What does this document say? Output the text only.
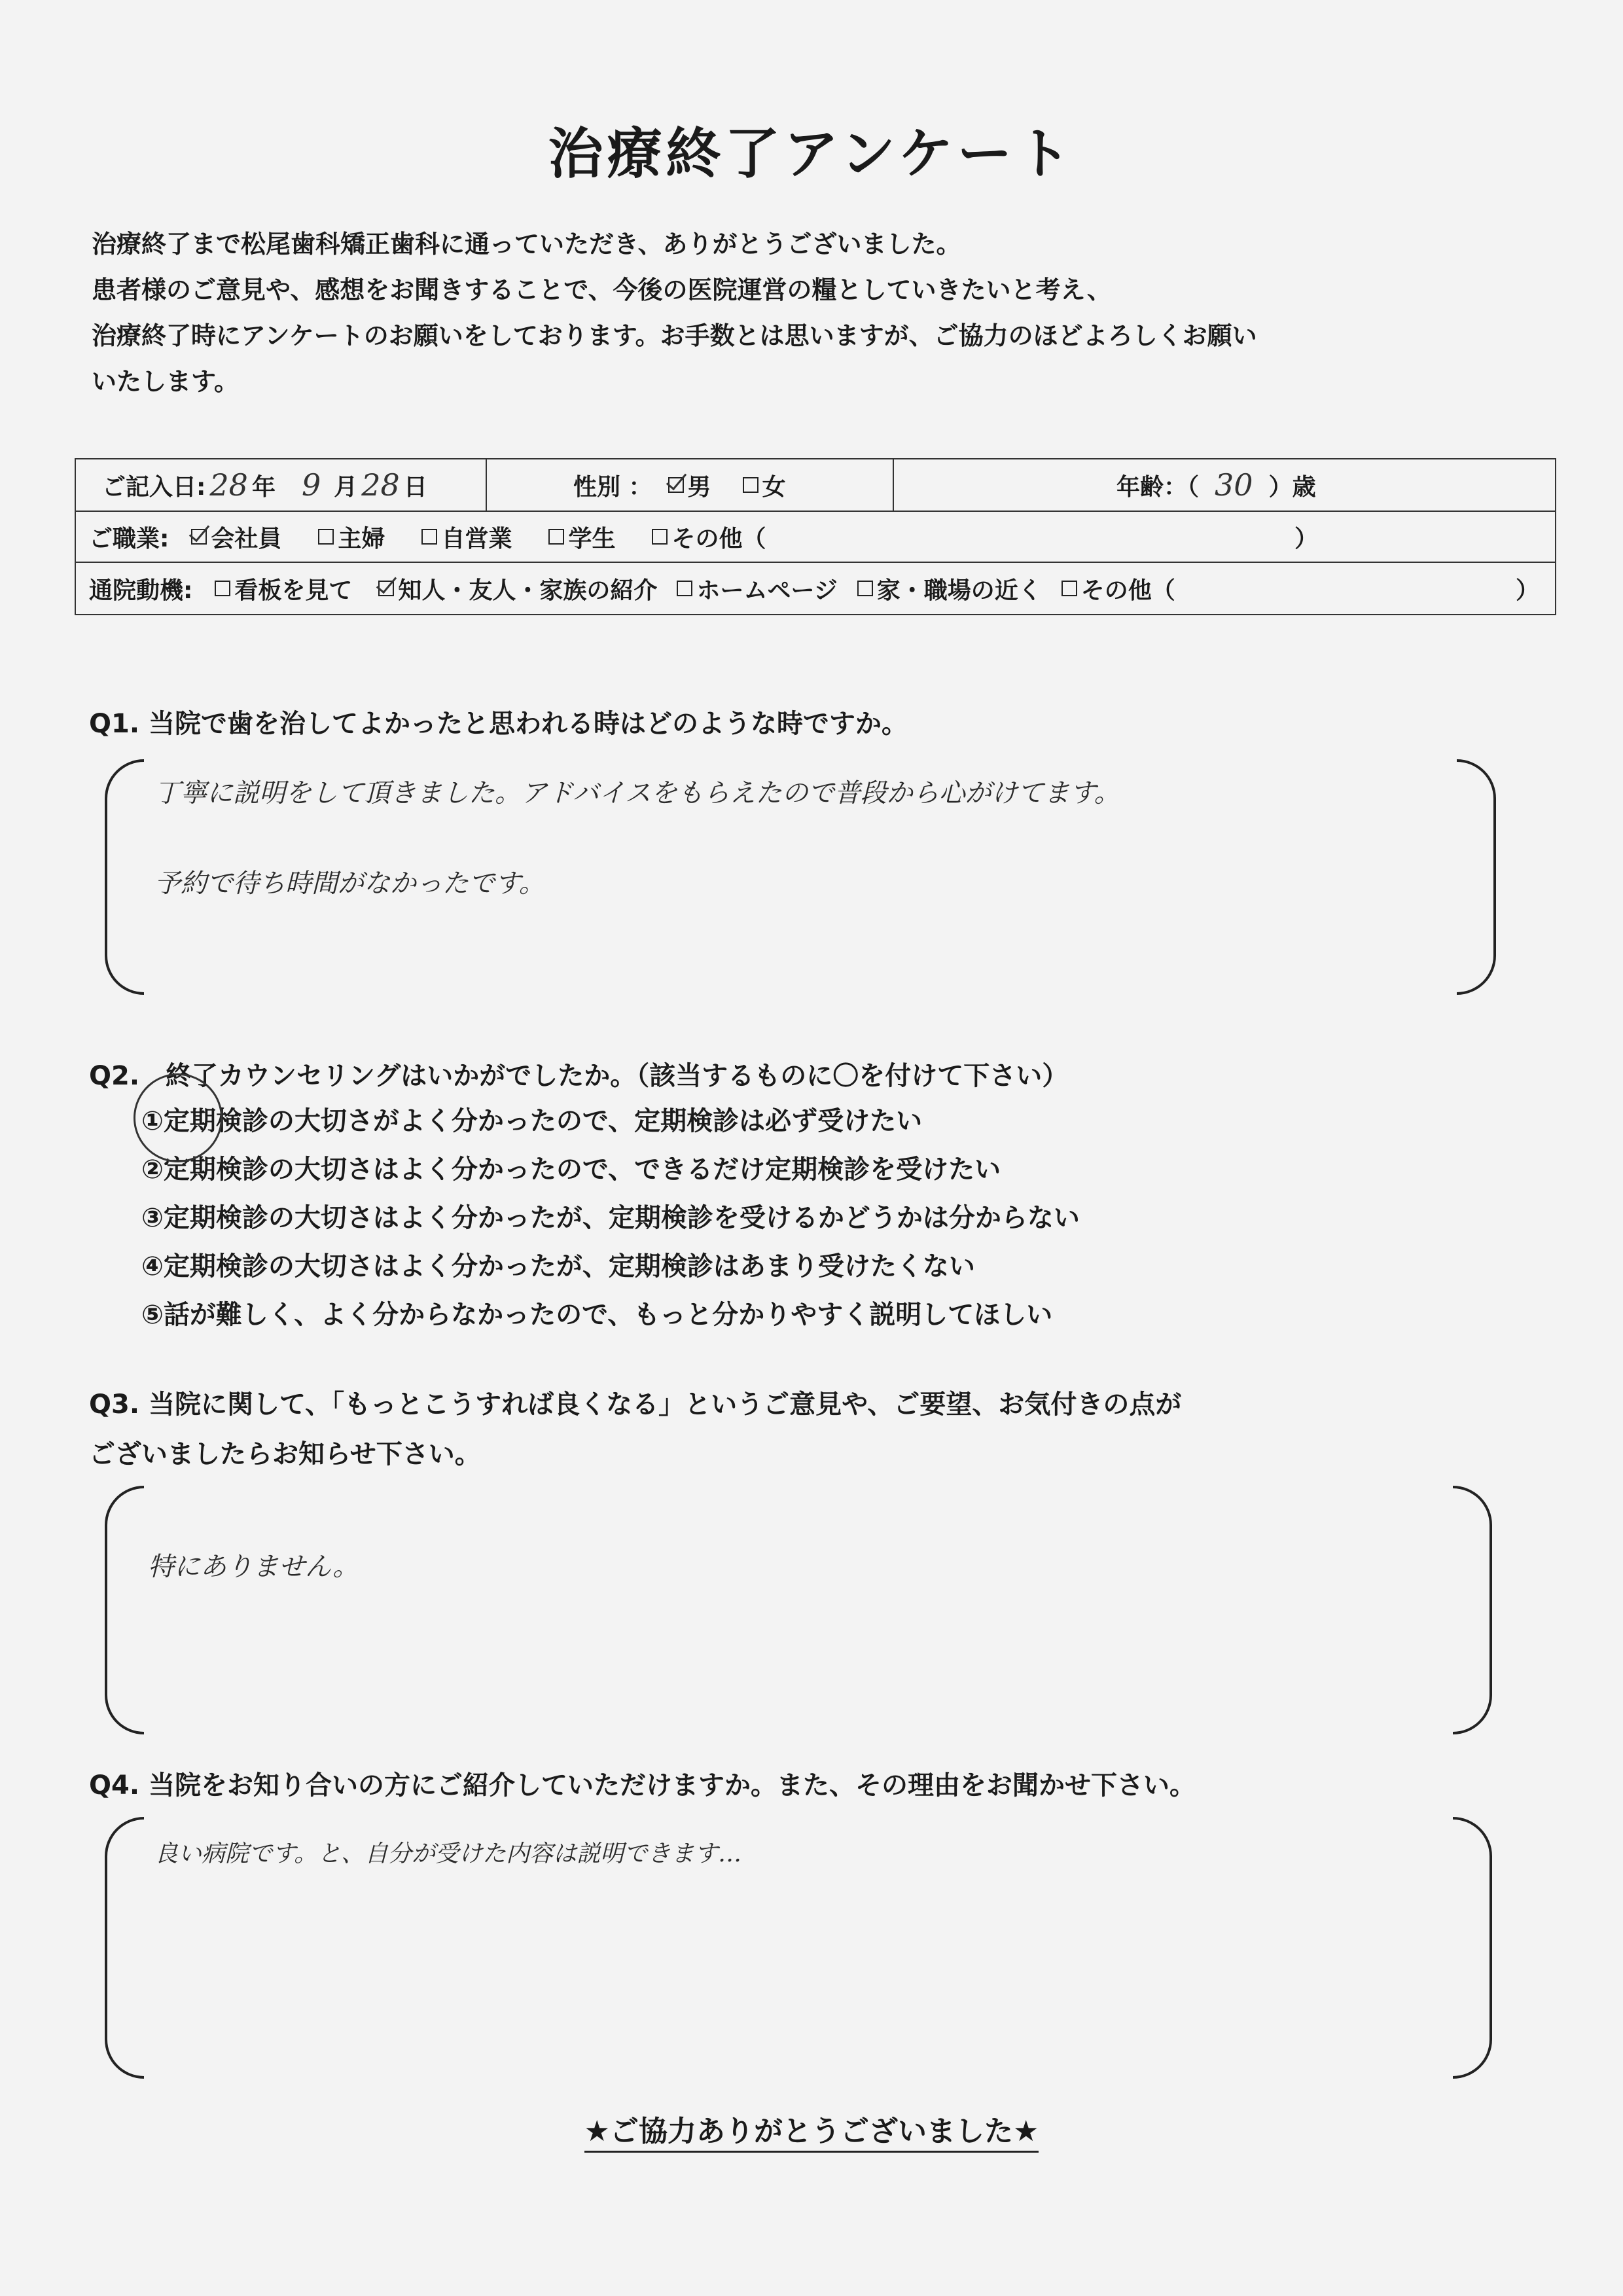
治療終了アンケート
治療終了まで松尾歯科矯正歯科に通っていただき、ありがとうございました。
患者様のご意見や、感想をお聞きすることで、今後の医院運営の糧としていきたいと考え、
治療終了時にアンケートのお願いをしております。お手数とは思いますが、ご協力のほどよろしくお願い
いたします。
ご記入日: 28 年 9 月 28 日	性別 ： 男 女	年齢：（ 30 ）歳
ご職業: 会社員 主婦 自営業 学生 その他（	）
通院動機: 看板を見て 知人・友人・家族の紹介 ホームページ 家・職場の近く その他（	）
Q1. 当院で歯を治してよかったと思われる時はどのような時ですか。
丁寧に説明をして頂きました。アドバイスをもらえたので普段から心がけてます。
予約で待ち時間がなかったです。
Q2.　終了カウンセリングはいかがでしたか。（該当するものに〇を付けて下さい）
①定期検診の大切さがよく分かったので、定期検診は必ず受けたい
②定期検診の大切さはよく分かったので、できるだけ定期検診を受けたい
③定期検診の大切さはよく分かったが、定期検診を受けるかどうかは分からない
④定期検診の大切さはよく分かったが、定期検診はあまり受けたくない
⑤話が難しく、よく分からなかったので、もっと分かりやすく説明してほしい
Q3. 当院に関して、「もっとこうすれば良くなる」というご意見や、ご要望、お気付きの点が
ございましたらお知らせ下さい。
特にありません。
Q4. 当院をお知り合いの方にご紹介していただけますか。また、その理由をお聞かせ下さい。
良い病院です。と、自分が受けた内容は説明できます…
★ご協力ありがとうございました★
